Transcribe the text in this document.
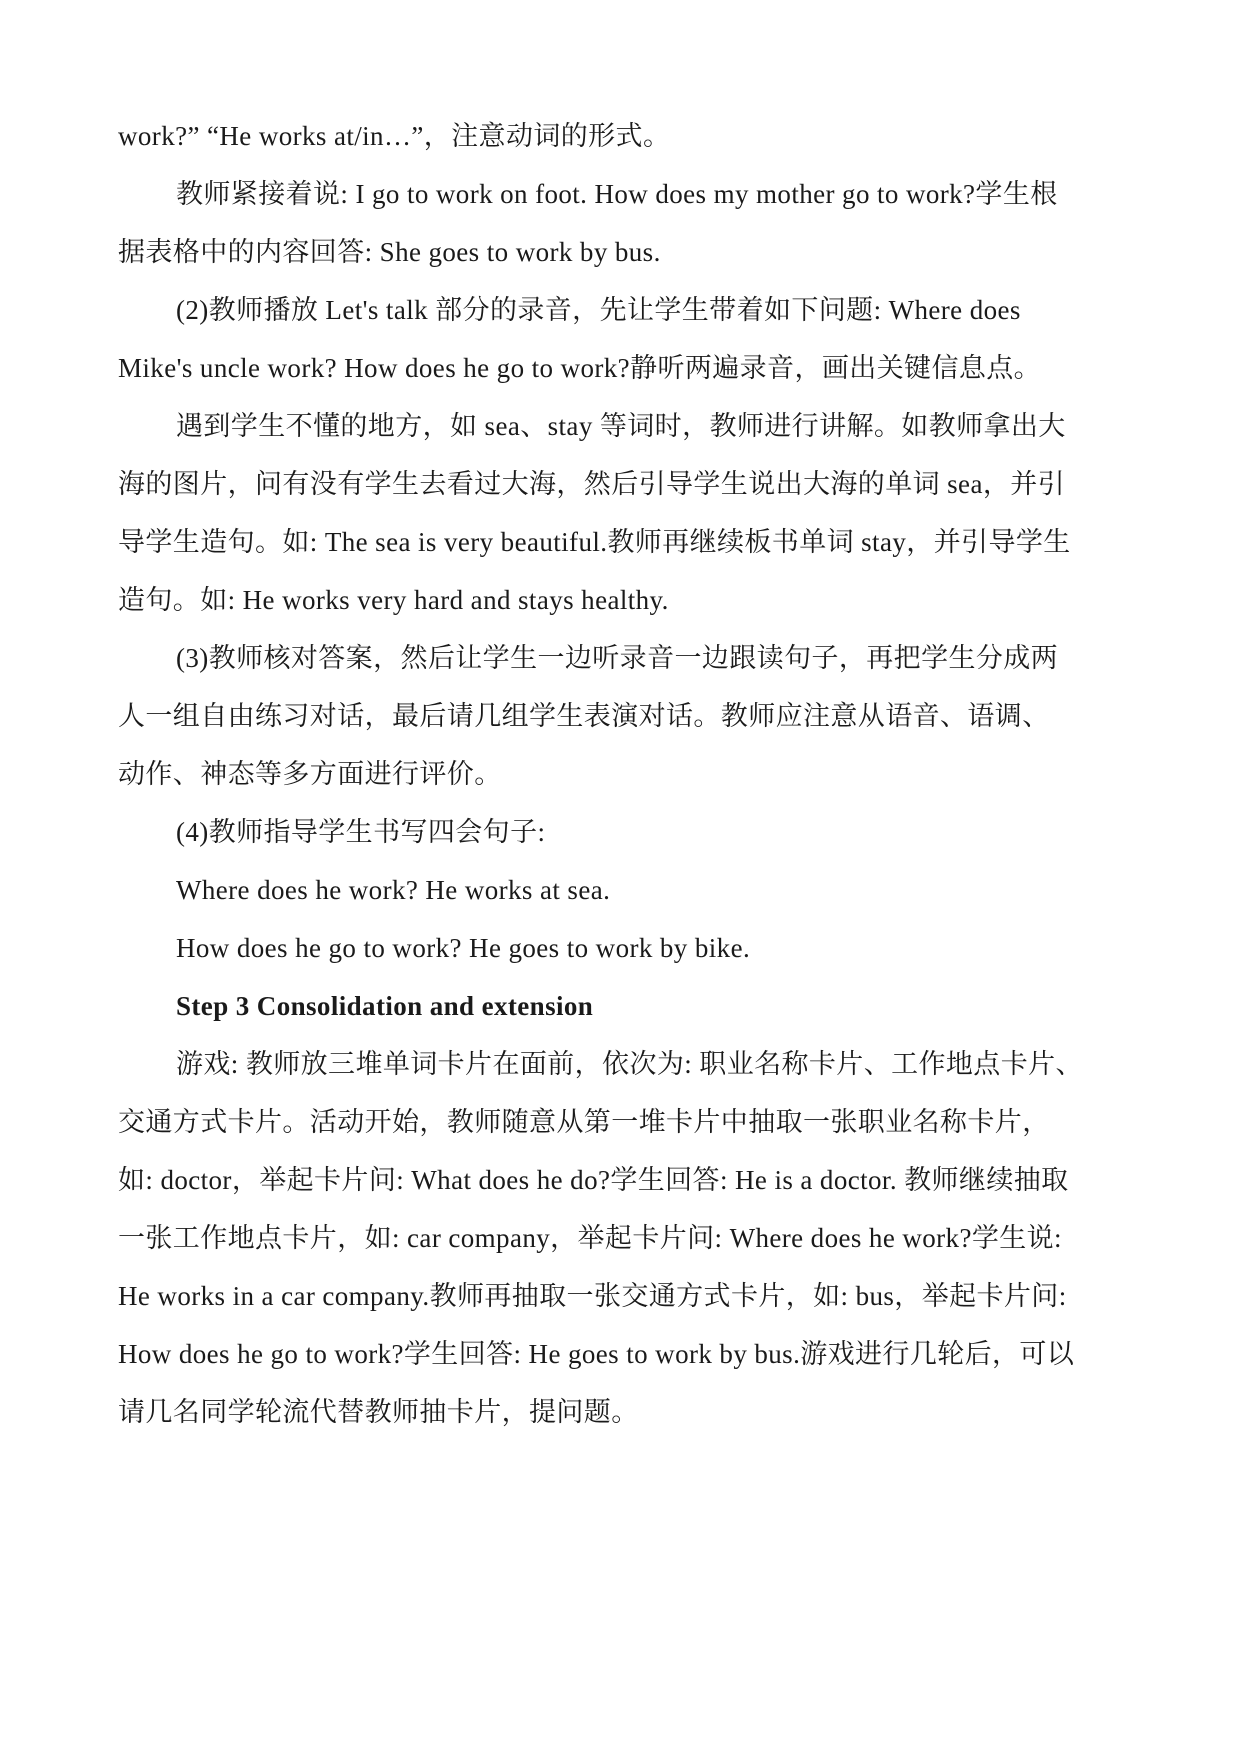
work?” “He works at/in…”，注意动词的形式。
教师紧接着说: I go to work on foot. How does my mother go to work?学生根
据表格中的内容回答: She goes to work by bus.
(2)教师播放 Let's talk 部分的录音，先让学生带着如下问题: Where does
Mike's uncle work? How does he go to work?静听两遍录音，画出关键信息点。
遇到学生不懂的地方，如 sea、stay 等词时，教师进行讲解。如教师拿出大
海的图片，问有没有学生去看过大海，然后引导学生说出大海的单词 sea，并引
导学生造句。如: The sea is very beautiful.教师再继续板书单词 stay，并引导学生
造句。如: He works very hard and stays healthy.
(3)教师核对答案，然后让学生一边听录音一边跟读句子，再把学生分成两
人一组自由练习对话，最后请几组学生表演对话。教师应注意从语音、语调、
动作、神态等多方面进行评价。
(4)教师指导学生书写四会句子:
Where does he work? He works at sea.
How does he go to work? He goes to work by bike.
Step 3 Consolidation and extension
游戏: 教师放三堆单词卡片在面前，依次为: 职业名称卡片、工作地点卡片、
交通方式卡片。活动开始，教师随意从第一堆卡片中抽取一张职业名称卡片，
如: doctor，举起卡片问: What does he do?学生回答: He is a doctor. 教师继续抽取
一张工作地点卡片，如: car company，举起卡片问: Where does he work?学生说:
He works in a car company.教师再抽取一张交通方式卡片，如: bus，举起卡片问:
How does he go to work?学生回答: He goes to work by bus.游戏进行几轮后，可以
请几名同学轮流代替教师抽卡片，提问题。
